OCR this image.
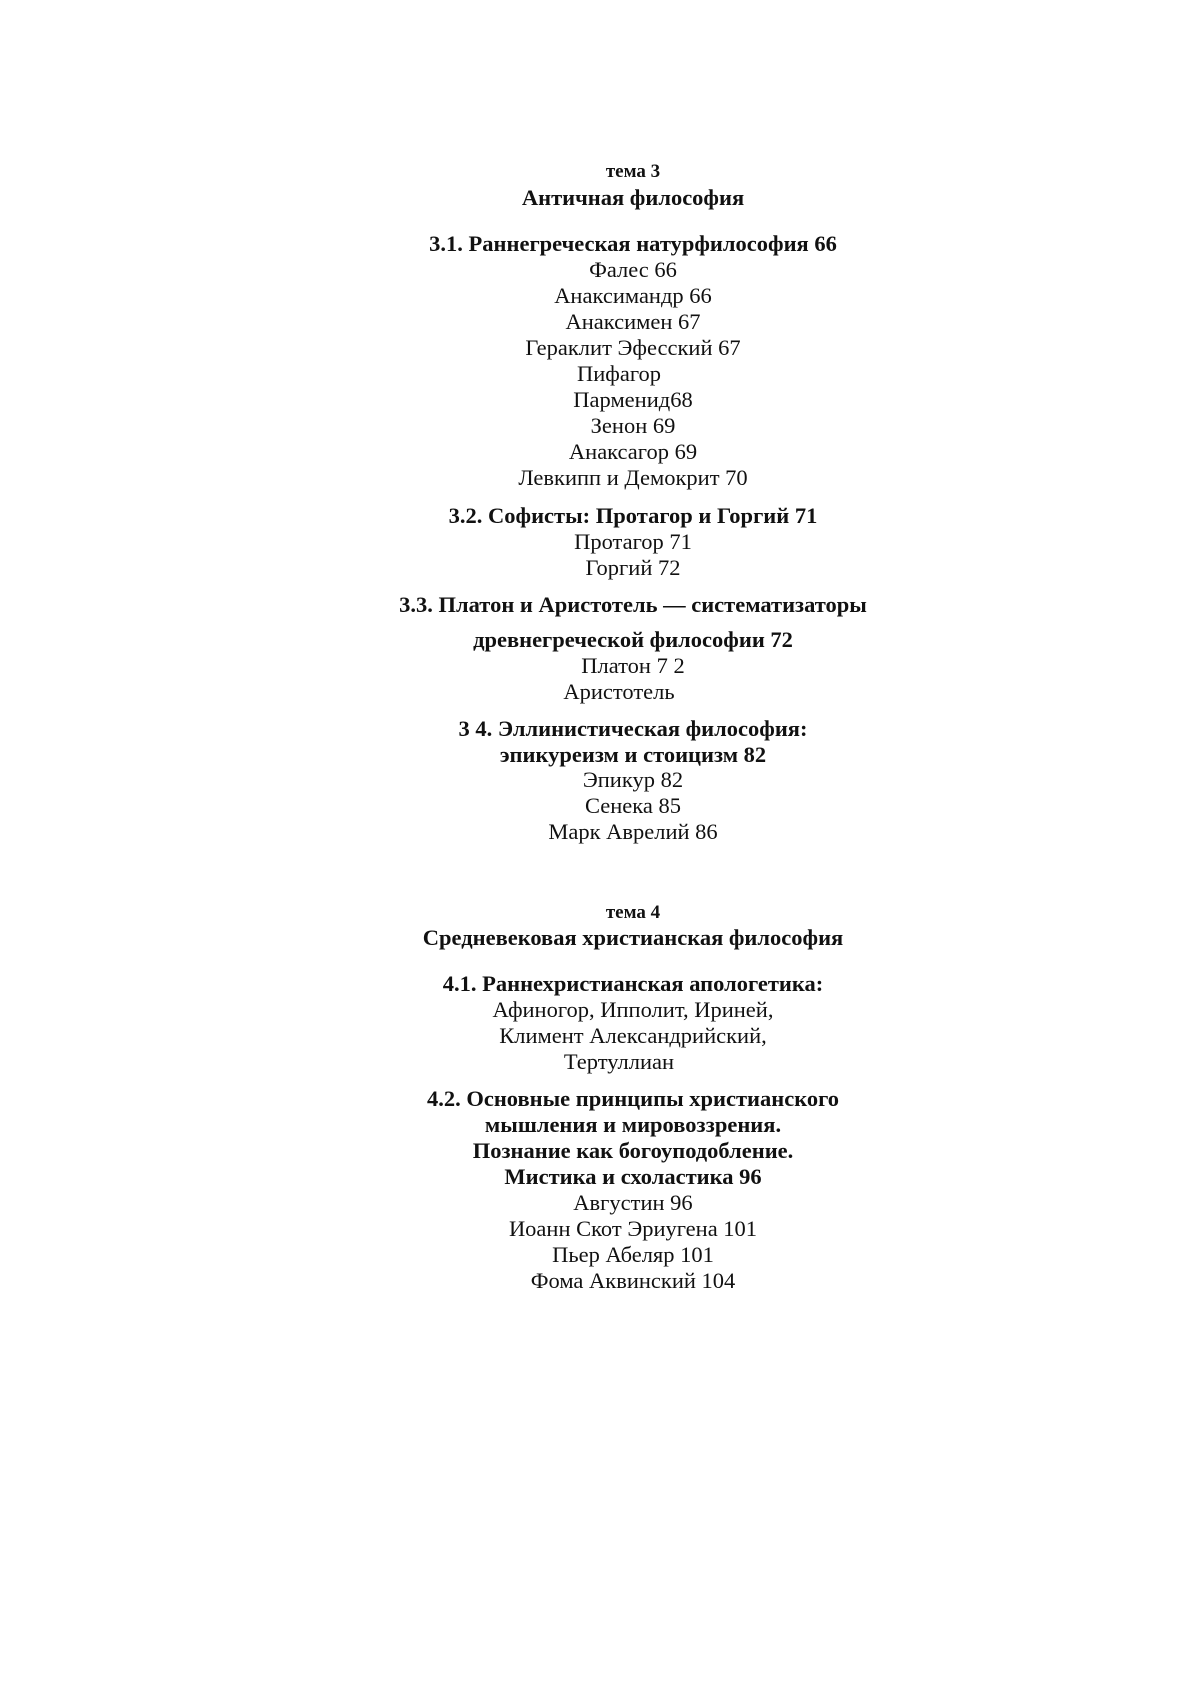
тема 3
Античная философия
3.1. Раннегреческая натурфилософия 66
Фалес 66
Анаксимандр 66
Анаксимен 67
Гераклит Эфесский 67
Пифагор
Парменид68
Зенон 69
Анаксагор 69
Левкипп и Демокрит 70
3.2. Софисты: Протагор и Горгий 71
Протагор 71
Горгий 72
3.3. Платон и Аристотель — систематизаторы
древнегреческой философии 72
Платон 7 2
Аристотель
3 4. Эллинистическая философия:
эпикуреизм и стоицизм 82
Эпикур 82
Сенека 85
Марк Аврелий 86
тема 4
Средневековая христианская философия
4.1. Раннехристианская апологетика:
Афиногор, Ипполит, Ириней,
Климент Александрийский,
Тертуллиан
4.2. Основные принципы христианского
мышления и мировоззрения.
Познание как богоуподобление.
Мистика и схоластика 96
Августин 96
Иоанн Скот Эриугена 101
Пьер Абеляр 101
Фома Аквинский 104
